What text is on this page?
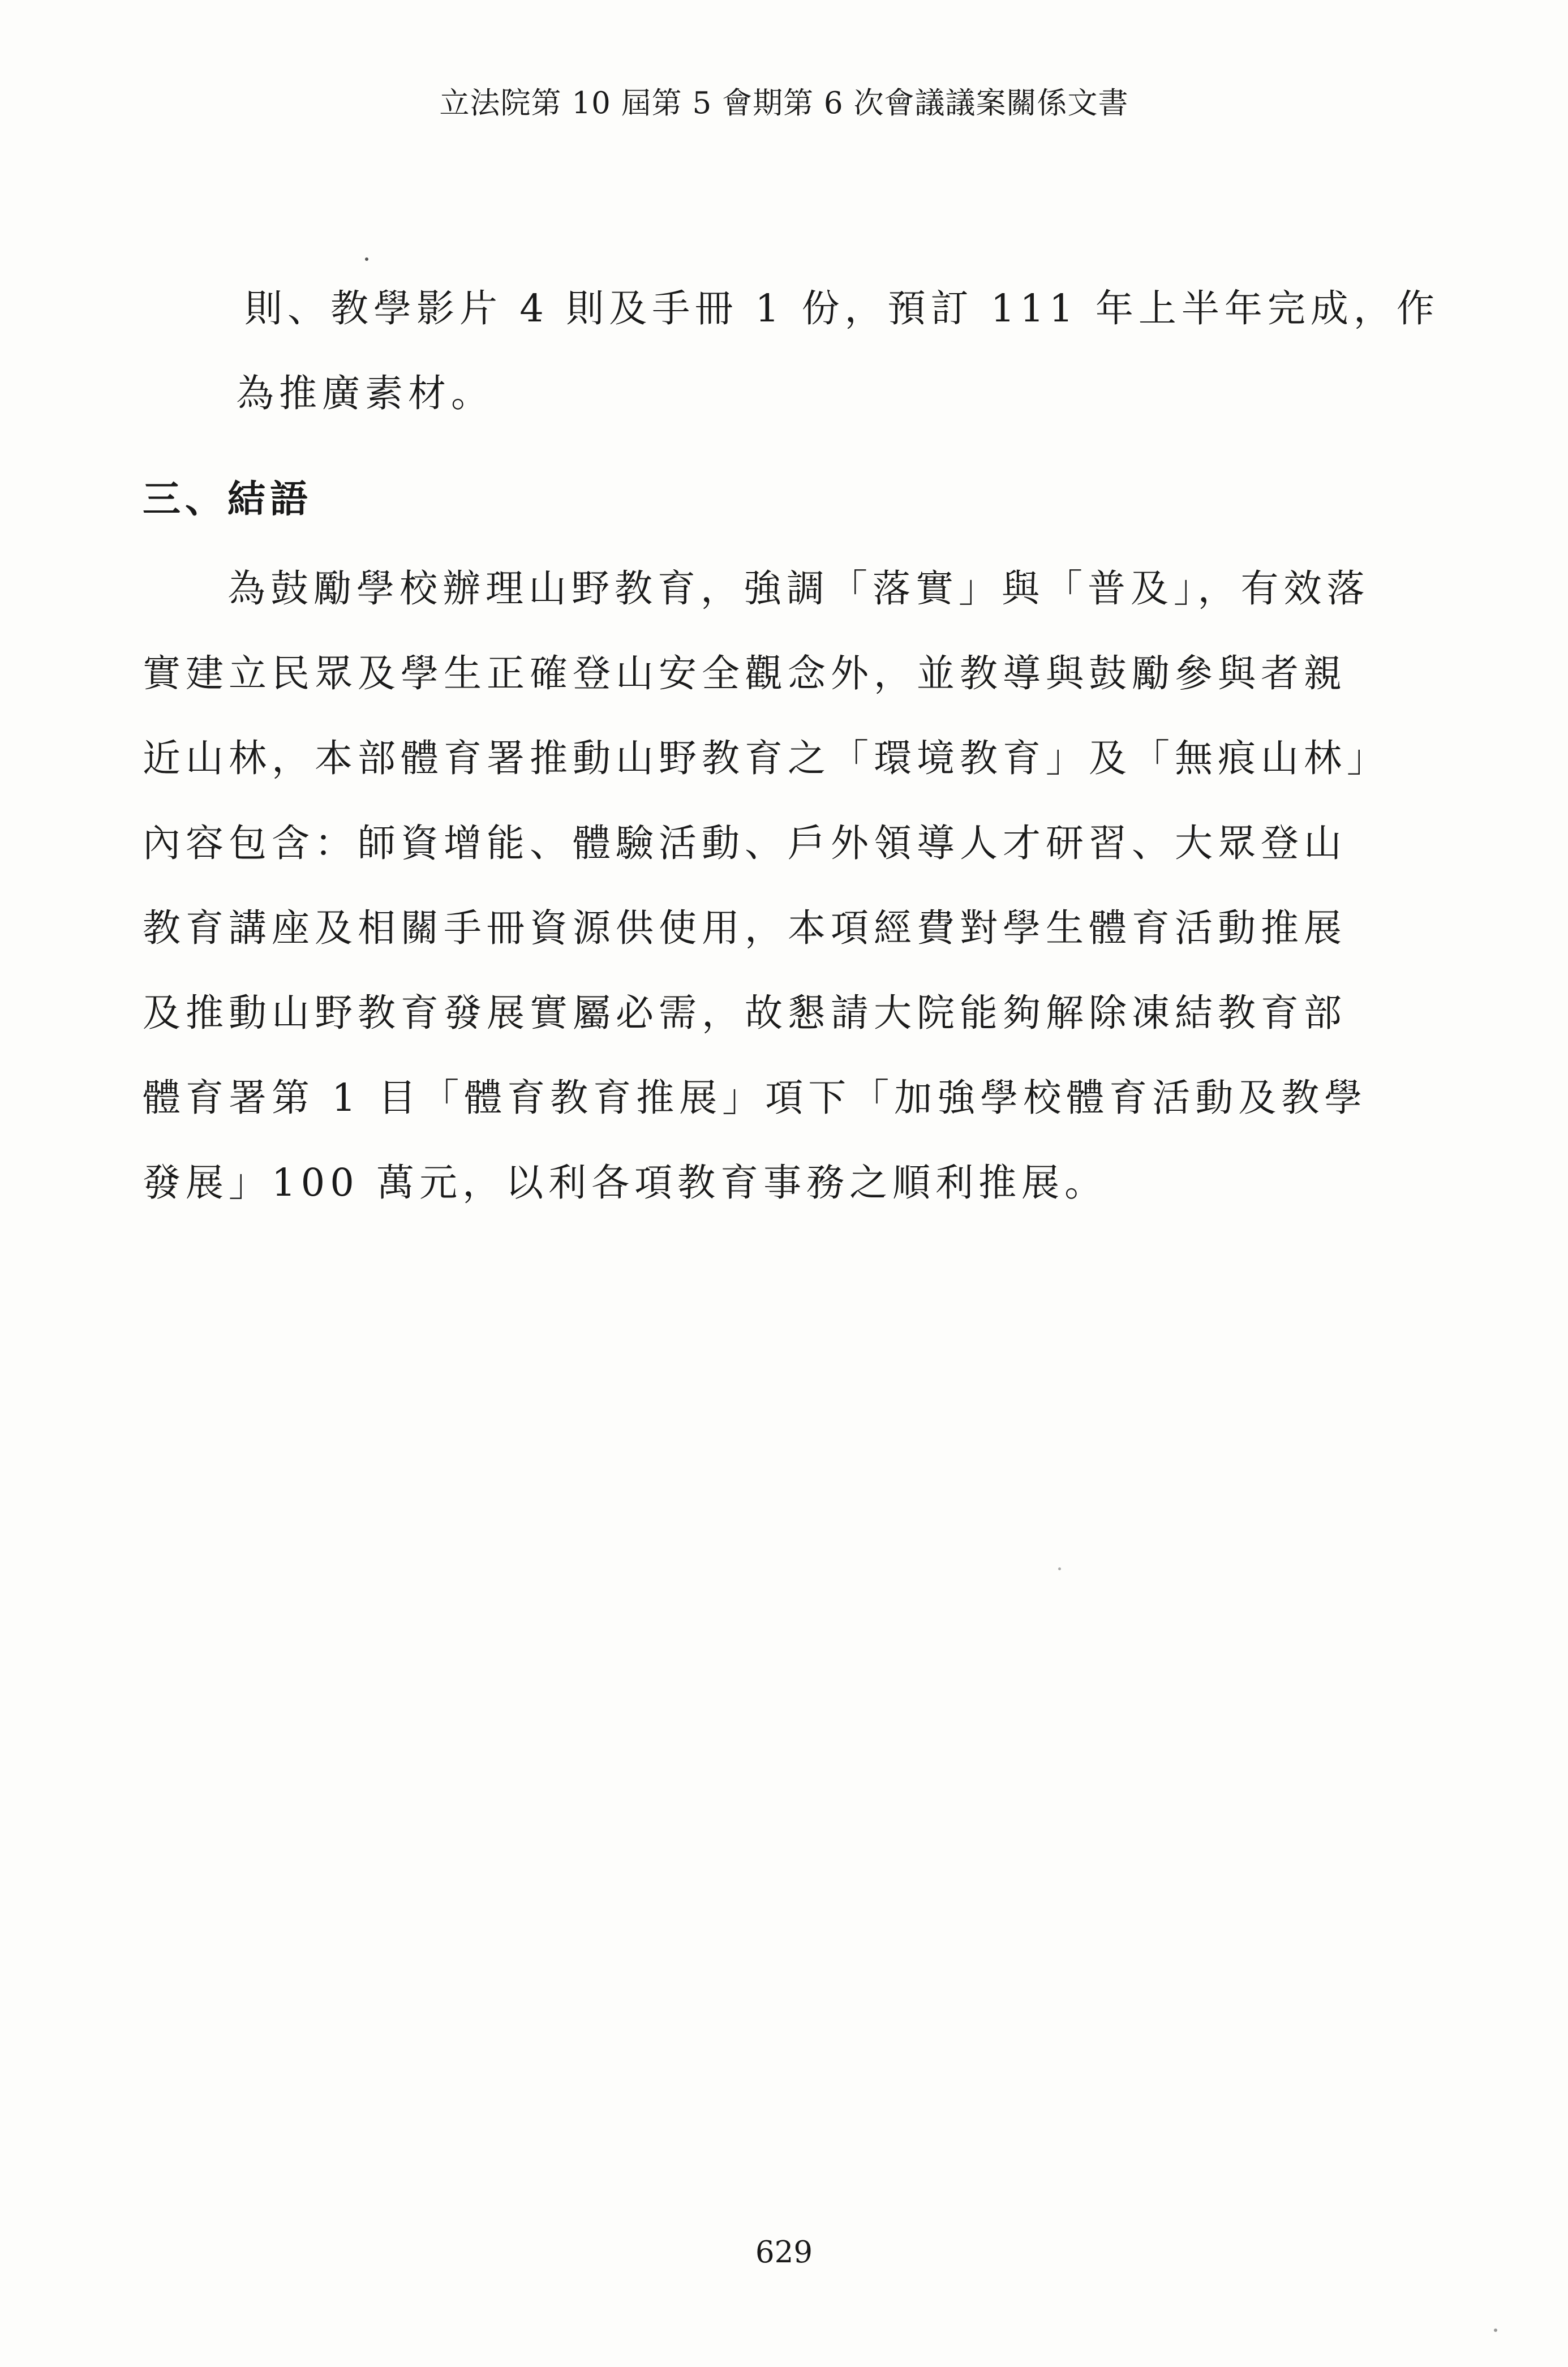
立法院第 10 屆第 5 會期第 6 次會議議案關係文書
則、教學影片 4 則及手冊 1 份，預訂 111 年上半年完成，作
為推廣素材。
三、結語
為鼓勵學校辦理山野教育，強調「落實」與「普及」，有效落
實建立民眾及學生正確登山安全觀念外，並教導與鼓勵參與者親
近山林，本部體育署推動山野教育之「環境教育」及「無痕山林」
內容包含：師資增能、體驗活動、戶外領導人才研習、大眾登山
教育講座及相關手冊資源供使用，本項經費對學生體育活動推展
及推動山野教育發展實屬必需，故懇請大院能夠解除凍結教育部
體育署第 1 目「體育教育推展」項下「加強學校體育活動及教學
發展」100 萬元，以利各項教育事務之順利推展。
629
